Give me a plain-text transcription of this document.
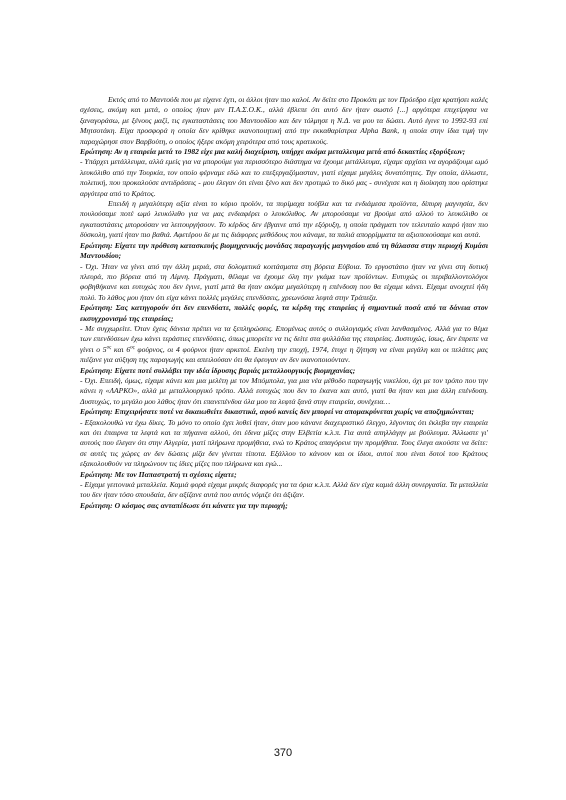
Εκτός από το Μαντούδι που με είχανε έχτι, οι άλλοι ήταν πιο καλοί. Αν δείτε στο Προκόπι με τον Πρόεδρο είχα κρατήσει καλές σχέσεις, ακόμη και μετά, ο οποίος ήταν μεν Π.Α.Σ.Ο.Κ., αλλά έβλεπε ότι αυτό δεν ήταν σωστό [...] αργότερα επιχείρησα να ξαναγοράσω, με ξένους μαζί, τις εγκαταστάσεις του Μαντουδίου και δεν τόλμησε η Ν.Δ. να μου τα δώσει. Αυτό έγινε το 1992-93 επί Μητσοτάκη. Είχα προσφορά η οποία δεν κρίθηκε ικανοποιητική από την εκκαθαρίστρια Alpha Bank, η οποία στην ίδια τιμή την παραχώρησε στον Βαρβούτη, ο οποίος ήξερε ακόμη χειρότερα από τους κρατικούς.

Ερώτηση: Αν η εταιρεία μετά το 1982 είχε μια καλή διαχείριση, υπήρχε ακόμα μεταλλευμα μετά από δεκαετίες εξορύξεων;

- Υπάρχει μετάλλευμα, αλλά εμείς για να μπορούμε για περισσότερο διάστημα να έχουμε μετάλλευμα, είχαμε αρχίσει να αγοράζουμε ωμό λευκόλιθο από την Τουρκία, τον οποίο φέρναμε εδώ και το επεξεργαζόμασταν, γιατί είχαμε μεγάλες δυνατότητες. Την οποία, άλλωστε, πολιτική, που προκαλούσε αντιδράσεις - μου έλεγαν ότι είναι ξένο και δεν προτιμώ το δικό μας - συνέχισε και η διοίκηση που ορίστηκε αργότερα από το Κράτος.

Επειδή η μεγαλύτερη αξία είναι το κύριο προϊόν, τα πυρίμαχα τούβλα και τα ενδιάμεσα προϊόντα, δίπυρη μαγνησία, δεν πουλούσαμε ποτέ ωμό λευκόλιθο για να μας ενδιαφέρει ο λευκόλιθος. Αν μπορούσαμε να βρούμε από αλλού το λευκόλιθο οι εγκαταστάσεις μπορούσαν να λειτουργήσουν. Το κέρδος δεν έβγαινε από την εξόρυξη, η οποία πράγματι τον τελευταίο καιρό ήταν πιο δύσκολη, γιατί ήταν πιο βαθιά. Αφετέρου δε με τις διάφορες μεθόδους που κάναμε, τα παλιά απορρίμματα τα αξιοποιούσαμε και αυτά.

Ερώτηση: Είχατε την πρόθεση κατασκευής βιομηχανικής μονάδας παραγωγής μαγνησίου από τη θάλασσα στην περιοχή Κυμάσι Μαντουδίου;

- Όχι. Ήταν να γίνει από την άλλη μεριά, στα δολομιτικά κοιτάσματα στη βόρεια Εύβοια. Το εργοστάσιο ήταν να γίνει στη δυτική πλευρά, πιο βόρεια από τη Λίμνη. Πράγματι, θέλαμε να έχουμε όλη την γκάμα των προϊόντων. Ευτυχώς οι περιβαλλοντολόγοι φοβηθήκανε και ευτυχώς που δεν έγινε, γιατί μετά θα ήταν ακόμα μεγαλύτερη η επένδυση που θα είχαμε κάνει. Είχαμε ανοιχτεί ήδη πολύ. Το λάθος μου ήταν ότι είχα κάνει πολλές μεγάλες επενδύσεις, χρεωνόσια λεφτά στην Τράπεζα.

Ερώτηση: Σας κατηγορούν ότι δεν επενδύατε, πολλές φορές, τα κέρδη της εταιρείας ή σημαντικά ποσά από τα δάνεια στον εκσυγχρονισμό της εταιρείας;

- Με συγχωρείτε. Όταν έχεις δάνεια πρέπει να τα ξεπληρώσεις. Επομένως αυτός ο συλλογισμός είναι λανθασμένος. Αλλά για το θέμα των επενδύσεων έχω κάνει τεράστιες επενδύσεις, όπως μπορείτε να τις δείτε στα φυλλάδια της εταιρείας. Δυστυχώς, ίσως, δεν έπρεπε να γίνει ο $5^{o\varsigma}$ και $6^{o\varsigma}$ φούρνος, οι 4 φούρνοι ήταν αρκετοί. Εκείνη την εποχή, 1974, έτυχε η ζήτηση να είναι μεγάλη και οι πελάτες μας πιέζανε για αύξηση της παραγωγής και απειλούσαν ότι θα έφευγαν αν δεν ικανοποιούνταν.

Ερώτηση: Είχατε ποτέ συλλάβει την ιδέα ίδρυσης βαριάς μεταλλουργικής βιομηχανίας;

- Όχι. Επειδή, όμως, είχαμε κάνει και μια μελέτη με τον Μπόμπολα, για μια νέα μέθοδο παραγωγής νικελίου, όχι με τον τρόπο που την κάνει η «ΛΑΡΚΟ», αλλά με μεταλλουργικό τρόπο. Αλλά ευτυχώς που δεν το έκανα και αυτό, γιατί θα ήταν και μια άλλη επένδυση. Δυστυχώς, το μεγάλο μου λάθος ήταν ότι επανεπένδυα όλα μου τα λεφτά ξανά στην εταιρεία, συνέχεια…

Ερώτηση: Επιχειρήσατε ποτέ να δικαιωθείτε δικαστικά, αφού κανείς δεν μπορεί να απομακρύνεται χωρίς να αποζημιώνεται;

- Εξακολουθώ να έχω δίκες. Το μόνο το οποίο έχει λυθεί ήταν, όταν μου κάνανε διαχειριστικό έλεγχο, λέγοντας ότι έκλεβα την εταιρεία και ότι έπαιρνα τα λεφτά και τα πήγαινα αλλού, ότι έδινα μίζες στην Ελβετία κ.λ.π. Για αυτά απηλλάγην με βούλευμα. Άλλωστε γι' αυτούς που έλεγαν ότι στην Αλγερία, γιατί πλήρωνα προμήθεια, ενώ το Κράτος απαγόρευε την προμήθεια. Τους έλεγα ακούστε να δείτε: σε αυτές τις χώρες αν δεν δώσεις μίζα δεν γίνεται τίποτα. Εξάλλου το κάνουν και οι ίδιοι, αυτοί που είναι δοτοί του Κράτους εξακολουθούν να πληρώνουν τις ίδιες μίζες που πλήρωνα και εγώ...

Ερώτηση: Με τον Παπαστρατή τι σχέσεις είχατε;

- Είχαμε γειτονικά μεταλλεία. Καμιά φορά είχαμε μικρές διαφορές για τα όρια κ.λ.π. Αλλά δεν είχα καμιά άλλη συνεργασία. Τα μεταλλεία του δεν ήταν τόσο σπουδαία, δεν αξίζανε αυτά που αυτός νόμιζε ότι άξιζαν.

Ερώτηση: Ο κόσμος σας ανταπέδωσε ότι κάνατε για την περιοχή;

370
